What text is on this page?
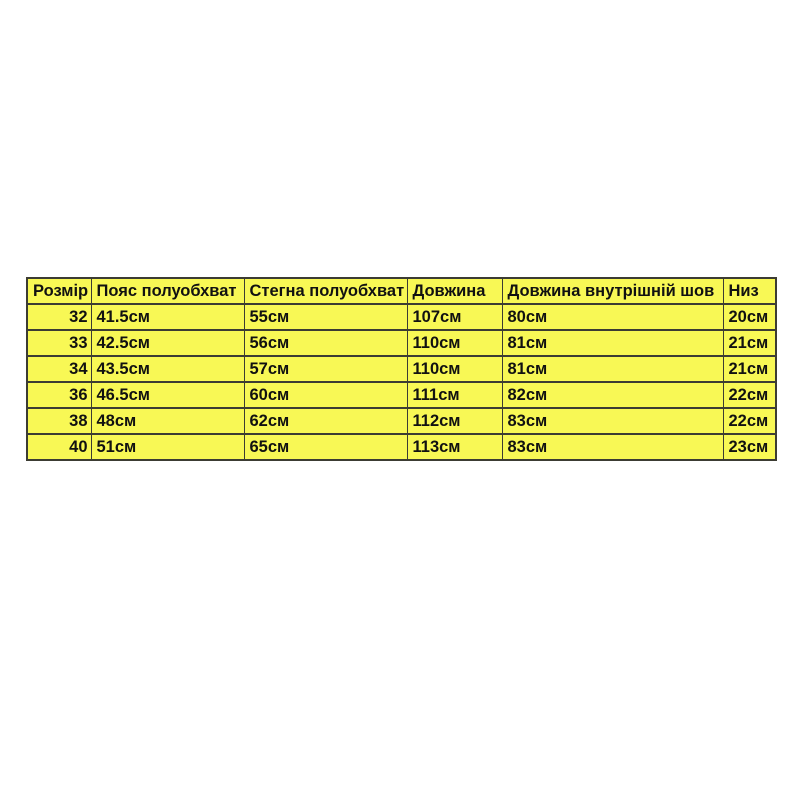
Розмір	Пояс полуобхват	Стегна полуобхват	Довжина	Довжина внутрішній шов	Низ
32	41.5см	55см	107см	80см	20см
33	42.5см	56см	110см	81см	21см
34	43.5см	57см	110см	81см	21см
36	46.5см	60см	111см	82см	22см
38	48см	62см	112см	83см	22см
40	51см	65см	113см	83см	23см
